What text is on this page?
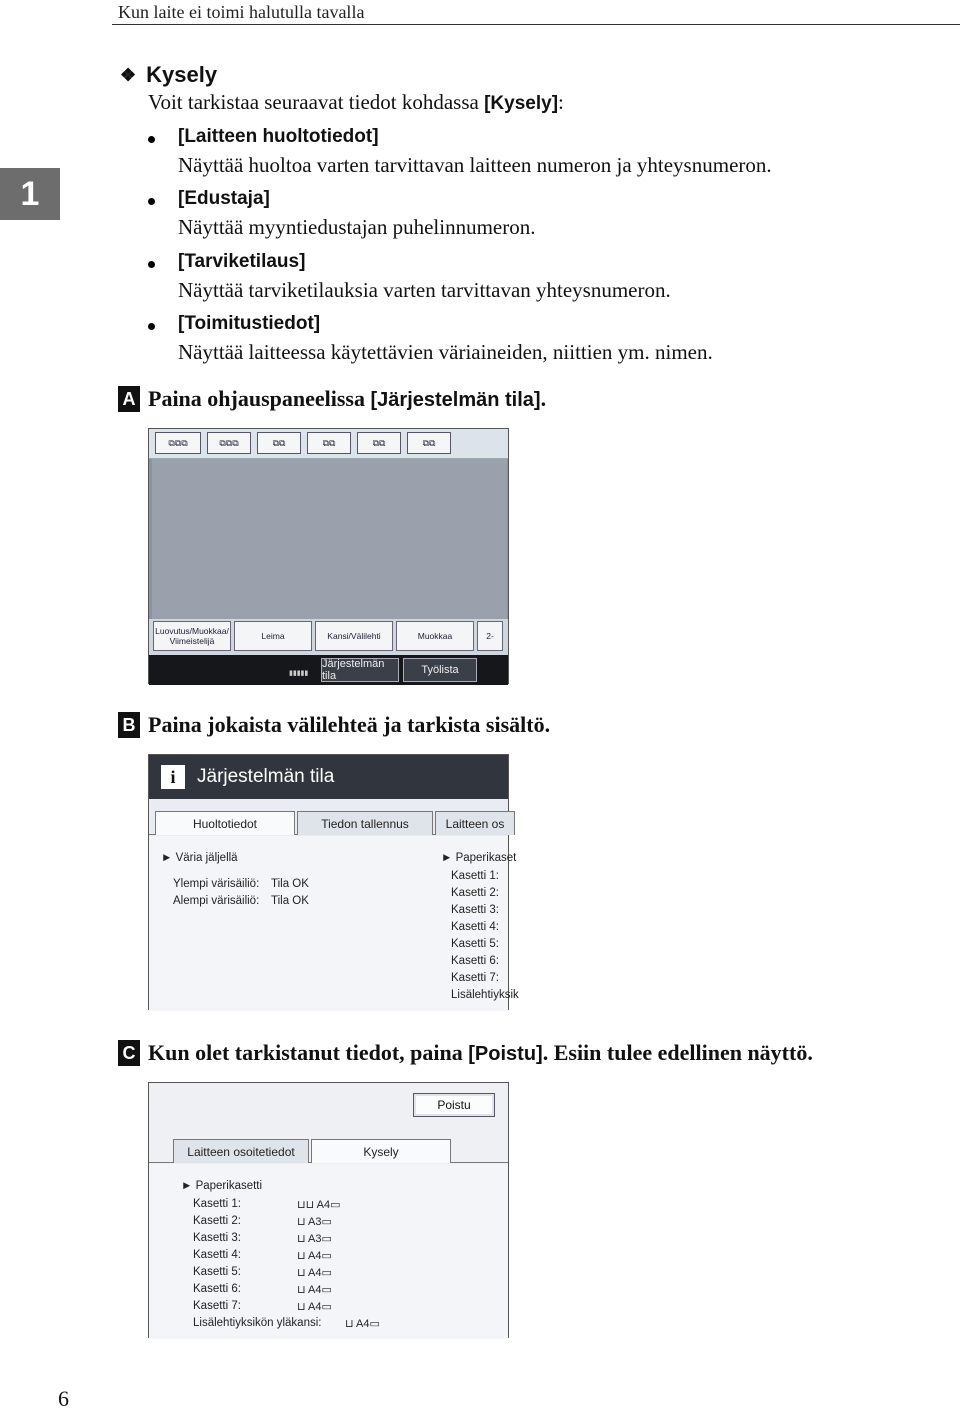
Kun laite ei toimi halutulla tavalla
1
❖ Kysely
Voit tarkistaa seuraavat tiedot kohdassa [Kysely]:
[Laitteen huoltotiedot]
Näyttää huoltoa varten tarvittavan laitteen numeron ja yhteysnumeron.
[Edustaja]
Näyttää myyntiedustajan puhelinnumeron.
[Tarviketilaus]
Näyttää tarviketilauksia varten tarvittavan yhteysnumeron.
[Toimitustiedot]
Näyttää laitteessa käytettävien väriaineiden, niittien ym. nimen.
A Paina ohjauspaneelissa [Järjestelmän tila].
⧉⧉⧉	⧉⧉⧉	⧉⧉	⧉⧉	⧉⧉	⧉⧉
Luovutus/Muokkaa/ Viimeistelijä	Leima	Kansi/Välilehti	Muokkaa	2-
▮▮▮▮▮
Järjestelmän tila	Työlista
B Paina jokaista välilehteä ja tarkista sisältö.
i	Järjestelmän tila
Huoltotiedot	Tiedon tallennus	Laitteen os
► Väria jäljellä
Ylempi värisäiliö: Tila OK
Alempi värisäiliö: Tila OK
► Paperikaset
Kasetti 1:
Kasetti 2:
Kasetti 3:
Kasetti 4:
Kasetti 5:
Kasetti 6:
Kasetti 7:
Lisälehtiyksik
C Kun olet tarkistanut tiedot, paina [Poistu]. Esiin tulee edellinen näyttö.
Poistu
Laitteen osoitetiedot	Kysely
► Paperikasetti
Kasetti 1:	⊔⊔ A4▭
Kasetti 2:	⊔ A3▭
Kasetti 3:	⊔ A3▭
Kasetti 4:	⊔ A4▭
Kasetti 5:	⊔ A4▭
Kasetti 6:	⊔ A4▭
Kasetti 7:	⊔ A4▭
Lisälehtiyksikön yläkansi: ⊔ A4▭
6
